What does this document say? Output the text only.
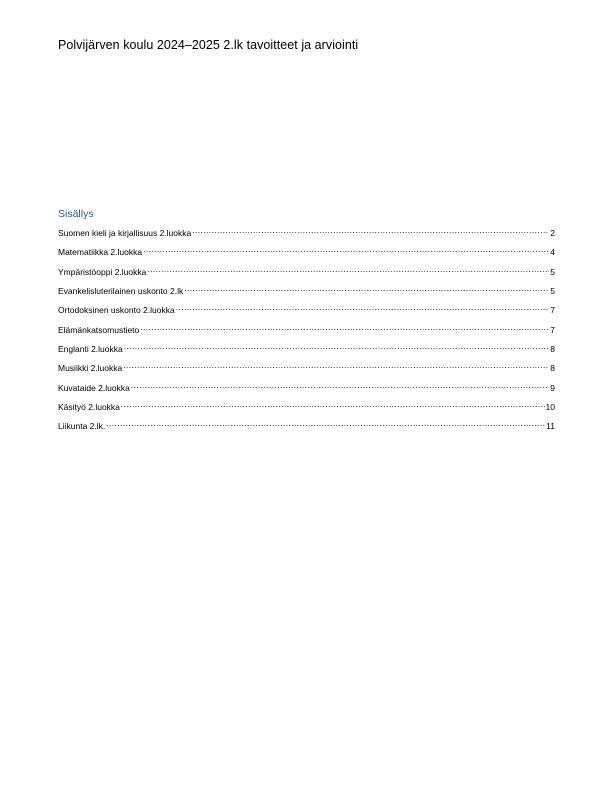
Polvijärven koulu 2024–2025 2.lk tavoitteet ja arviointi
Sisällys
Suomen kieli ja kirjallisuus 2.luokka .....	2
Matematiikka 2.luokka .....	4
Ympäristöoppi 2.luokka .....	5
Evankelisluterilainen uskonto 2.lk .....	5
Ortodoksinen uskonto 2.luokka .....	7
Elämänkatsomustieto .....	7
Englanti 2.luokka .....	8
Musiikki 2.luokka .....	8
Kuvataide 2.luokka .....	9
Käsityö 2.luokka .....	10
Liikunta 2.lk. .....	11
